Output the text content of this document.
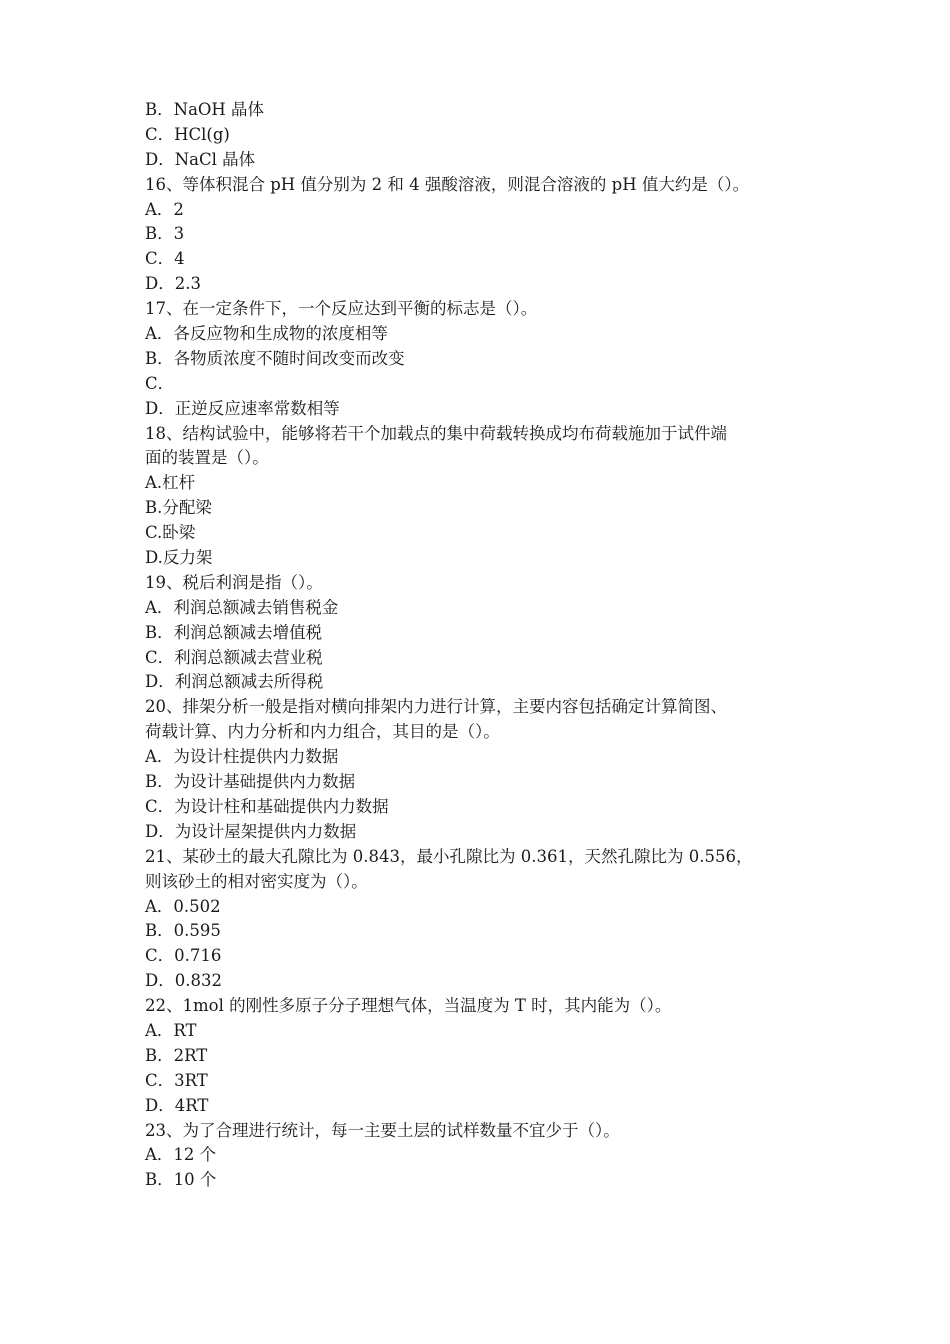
B．NaOH 晶体
C．HCl(g)
D．NaCl 晶体
16、等体积混合 pH 值分别为 2 和 4 强酸溶液，则混合溶液的 pH 值大约是（）。
A．2
B．3
C．4
D．2.3
17、在一定条件下，一个反应达到平衡的标志是（）。
A．各反应物和生成物的浓度相等
B．各物质浓度不随时间改变而改变
C．
D．正逆反应速率常数相等
18、结构试验中，能够将若干个加载点的集中荷载转换成均布荷载施加于试件端
面的装置是（）。
A.杠杆
B.分配梁
C.卧梁
D.反力架
19、税后利润是指（）。
A．利润总额减去销售税金
B．利润总额减去增值税
C．利润总额减去营业税
D．利润总额减去所得税
20、排架分析一般是指对横向排架内力进行计算，主要内容包括确定计算简图、
荷载计算、内力分析和内力组合，其目的是（）。
A．为设计柱提供内力数据
B．为设计基础提供内力数据
C．为设计柱和基础提供内力数据
D．为设计屋架提供内力数据
21、某砂土的最大孔隙比为 0.843，最小孔隙比为 0.361，天然孔隙比为 0.556，
则该砂土的相对密实度为（）。
A．0.502
B．0.595
C．0.716
D．0.832
22、1mol 的刚性多原子分子理想气体，当温度为 T 时，其内能为（）。
A．RT
B．2RT
C．3RT
D．4RT
23、为了合理进行统计，每一主要土层的试样数量不宜少于（）。
A．12 个
B．10 个
